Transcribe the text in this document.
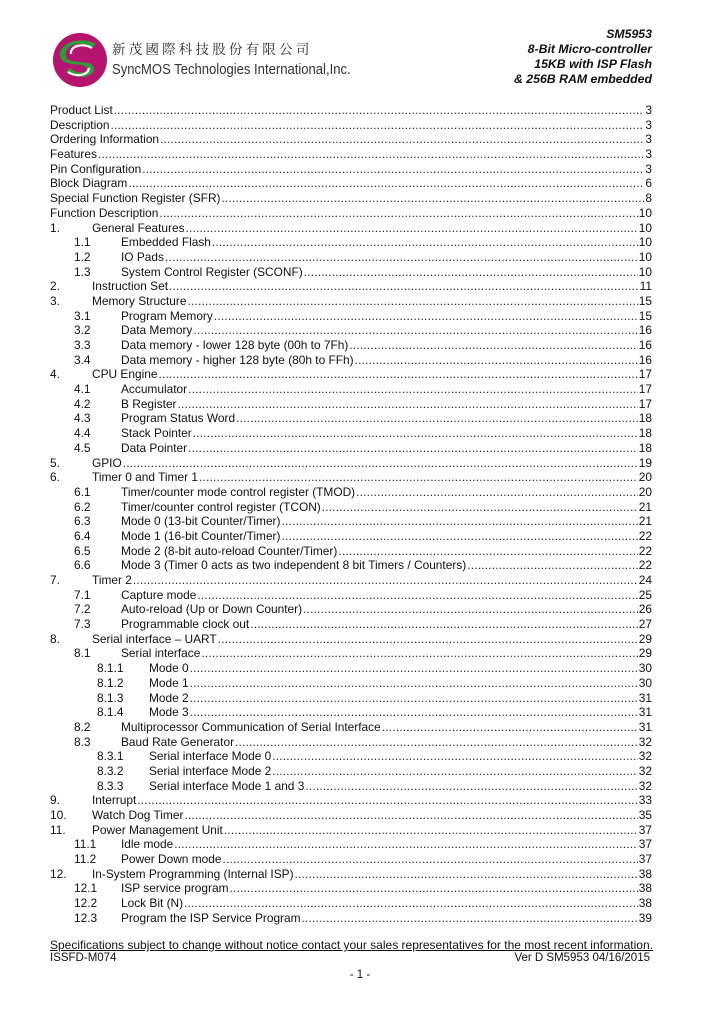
新茂國際科技股份有限公司
SyncMOS Technologies International,Inc.
SM5953
8-Bit Micro-controller
15KB with ISP Flash
& 256B RAM embedded
Product List .....	3
Description .....	3
Ordering Information .....	3
Features .....	3
Pin Configuration .....	3
Block Diagram .....	6
Special Function Register (SFR) .....	8
Function Description .....	10
1.	General Features .....	10
1.1	Embedded Flash .....	10
1.2	IO Pads .....	10
1.3	System Control Register (SCONF) .....	10
2.	Instruction Set .....	11
3.	Memory Structure .....	15
3.1	Program Memory .....	15
3.2	Data Memory .....	16
3.3	Data memory - lower 128 byte (00h to 7Fh) .....	16
3.4	Data memory - higher 128 byte (80h to FFh) .....	16
4.	CPU Engine .....	17
4.1	Accumulator .....	17
4.2	B Register .....	17
4.3	Program Status Word .....	18
4.4	Stack Pointer .....	18
4.5	Data Pointer .....	18
5.	GPIO .....	19
6.	Timer 0 and Timer 1 .....	20
6.1	Timer/counter mode control register (TMOD) .....	20
6.2	Timer/counter control register (TCON) .....	21
6.3	Mode 0 (13-bit Counter/Timer) .....	21
6.4	Mode 1 (16-bit Counter/Timer) .....	22
6.5	Mode 2 (8-bit auto-reload Counter/Timer) .....	22
6.6	Mode 3 (Timer 0 acts as two independent 8 bit Timers / Counters) .....	22
7.	Timer 2 .....	24
7.1	Capture mode .....	25
7.2	Auto-reload (Up or Down Counter) .....	26
7.3	Programmable clock out .....	27
8.	Serial interface – UART .....	29
8.1	Serial interface .....	29
8.1.1 Mode 0 .....	30
8.1.2 Mode 1 .....	30
8.1.3 Mode 2 .....	31
8.1.4 Mode 3 .....	31
8.2	Multiprocessor Communication of Serial Interface .....	31
8.3	Baud Rate Generator .....	32
8.3.1 Serial interface Mode 0 .....	32
8.3.2 Serial interface Mode 2 .....	32
8.3.3 Serial interface Mode 1 and 3 .....	32
9.	Interrupt .....	33
10. Watch Dog Timer .....	35
11. Power Management Unit .....	37
11.1 Idle mode .....	37
11.2 Power Down mode .....	37
12. In-System Programming (Internal ISP) .....	38
12.1 ISP service program .....	38
12.2 Lock Bit (N) .....	38
12.3 Program the ISP Service Program .....	39
Specifications subject to change without notice contact your sales representatives for the most recent information.
ISSFD-M074	Ver D SM5953 04/16/2015
- 1 -
